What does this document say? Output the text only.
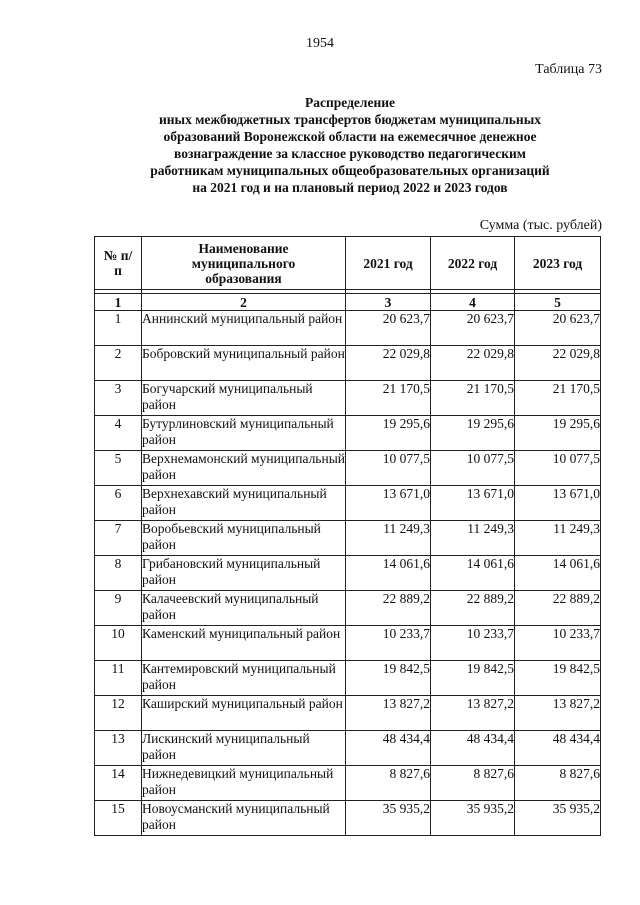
1954
Таблица 73
Распределение
иных межбюджетных трансфертов бюджетам муниципальных
образований Воронежской области на ежемесячное денежное
вознаграждение за классное руководство педагогическим
работникам муниципальных общеобразовательных организаций
на 2021 год и на плановый период 2022 и 2023 годов
Сумма (тыс. рублей)
№ п/п	Наименование муниципального образования	2021 год	2022 год	2023 год

1	2	3	4	5
1	Аннинский муниципальный район	20 623,7	20 623,7	20 623,7
2	Бобровский муниципальный район	22 029,8	22 029,8	22 029,8
3	Богучарский муниципальный район	21 170,5	21 170,5	21 170,5
4	Бутурлиновский муниципальный район	19 295,6	19 295,6	19 295,6
5	Верхнемамонский муниципальный район	10 077,5	10 077,5	10 077,5
6	Верхнехавский муниципальный район	13 671,0	13 671,0	13 671,0
7	Воробьевский муниципальный район	11 249,3	11 249,3	11 249,3
8	Грибановский муниципальный район	14 061,6	14 061,6	14 061,6
9	Калачеевский муниципальный район	22 889,2	22 889,2	22 889,2
10	Каменский муниципальный район	10 233,7	10 233,7	10 233,7
11	Кантемировский муниципальный район	19 842,5	19 842,5	19 842,5
12	Каширский муниципальный район	13 827,2	13 827,2	13 827,2
13	Лискинский муниципальный район	48 434,4	48 434,4	48 434,4
14	Нижнедевицкий муниципальный район	8 827,6	8 827,6	8 827,6
15	Новоусманский муниципальный район	35 935,2	35 935,2	35 935,2
